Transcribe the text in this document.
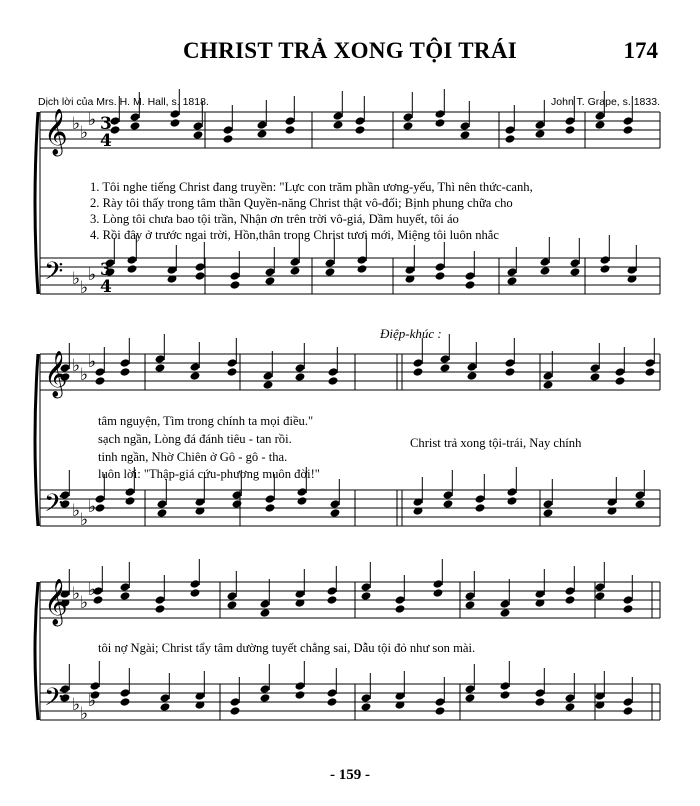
CHRIST TRẢ XONG TỘI TRÁI	174
Dịch lời của Mrs. H. M. Hall, s. 1818.	John T. Grape, s. 1833.
𝄞
𝄢
♭
♭
♭
♭
♭
♭
3
4
3
4
𝄞
𝄢
♭
♭
♭
♭
♭
♭
𝄞
𝄢
♭
♭
♭
♭
♭
♭
1. Tôi nghe tiếng Christ đang truyền: "Lực con trăm phần ương-yếu, Thì nên thức-canh,
2. Rày tôi thấy trong tâm thần Quyền-năng Christ thật vô-đối; Bịnh phung chữa cho
3. Lòng tôi chưa bao tội trần, Nhận ơn trên trời vô-giá, Dầm huyết, tôi áo
4. Rồi đây ở trước ngai trời, Hồn,thân trong Christ tươi mới, Miệng tôi luôn nhắc
Điệp-khúc :
tâm nguyện, Tìm trong chính ta mọi điều."
sạch ngần, Lòng đá đánh tiêu - tan rồi.
tinh ngần, Nhờ Chiên ở Gô - gô - tha.
luôn lời: "Thập-giá cứu-phương muôn đời!"
Christ trả xong tội-trái, Nay chính
tôi nợ Ngài; Christ tẩy tâm dường tuyết chẳng sai, Dẫu tội đỏ như son mài.
- 159 -
